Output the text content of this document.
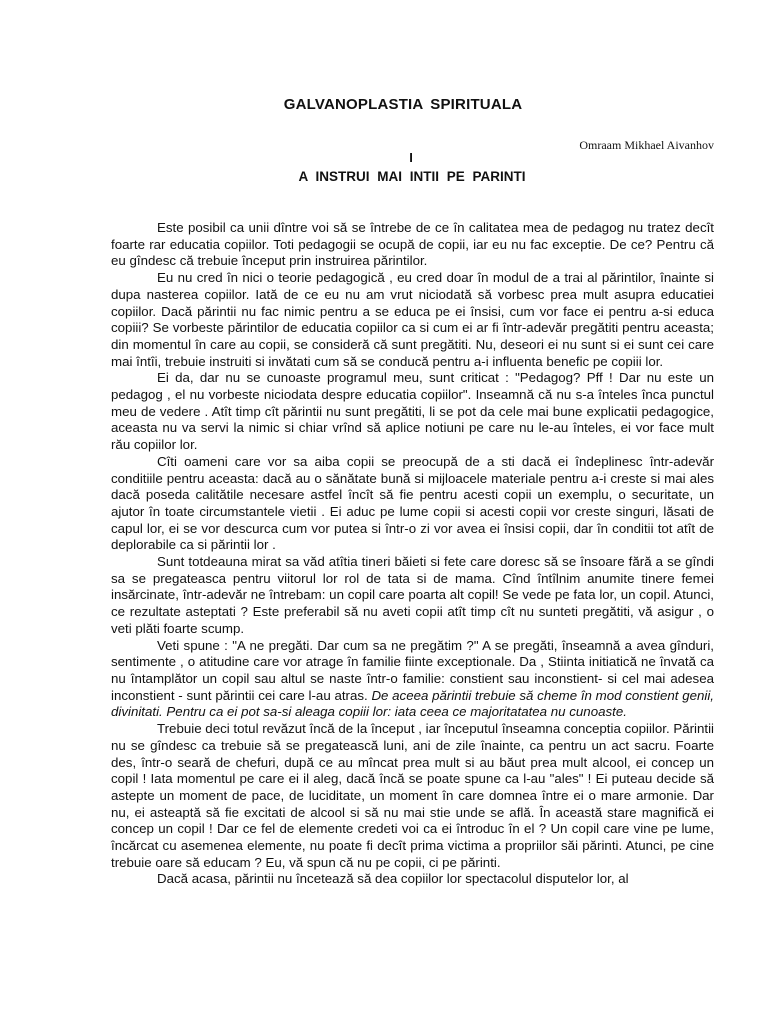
GALVANOPLASTIA SPIRITUALA

Omraam Mikhael Aivanhov

I

A INSTRUI MAI INTII PE PARINTI

Este posibil ca unii dîntre voi să se întrebe de ce în calitatea mea de pedagog nu tratez decît foarte rar educatia copiilor. Toti pedagogii se ocupă de copii, iar eu nu fac exceptie. De ce? Pentru că eu gîndesc că trebuie început prin instruirea părintilor.

Eu nu cred în nici o teorie pedagogică , eu cred doar în modul de a trai al părintilor, înainte si dupa nasterea copiilor. Iată de ce eu nu am vrut niciodată să vorbesc prea mult asupra educatiei copiilor. Dacă părintii nu fac nimic pentru a se educa pe ei însisi, cum vor face ei pentru a-si educa copiii? Se vorbeste părintilor de educatia copiilor ca si cum ei ar fi într-adevăr pregătiti pentru aceasta; din momentul în care au copii, se consideră că sunt pregătiti. Nu, deseori ei nu sunt si ei sunt cei care mai întîi, trebuie instruiti si invătati cum să se conducă pentru a-i influenta benefic pe copiii lor.

Ei da, dar nu se cunoaste programul meu, sunt criticat : "Pedagog? Pff ! Dar nu este un pedagog , el nu vorbeste niciodata despre educatia copiilor". Inseamnă că nu s-a înteles înca punctul meu de vedere . Atît timp cît părintii nu sunt pregătiti, li se pot da cele mai bune explicatii pedagogice, aceasta nu va servi la nimic si chiar vrînd să aplice notiuni pe care nu le-au înteles, ei vor face mult rău copiilor lor.

Cîti oameni care vor sa aiba copii se preocupă de a sti dacă ei îndeplinesc într-adevăr conditiile pentru aceasta: dacă au o sănătate bună si mijloacele materiale pentru a-i creste si mai ales dacă poseda calitătile necesare astfel încît să fie pentru acesti copii un exemplu, o securitate, un ajutor în toate circumstantele vietii . Ei aduc pe lume copii si acesti copii vor creste singuri, lăsati de capul lor, ei se vor descurca cum vor putea si într-o zi vor avea ei însisi copii, dar în conditii tot atît de deplorabile ca si părintii lor .

Sunt totdeauna mirat sa văd atîtia tineri băieti si fete care doresc să se însoare fără a se gîndi sa se pregateasca pentru viitorul lor rol de tata si de mama. Cînd întîlnim anumite tinere femei insărcinate, într-adevăr ne întrebam: un copil care poarta alt copil! Se vede pe fata lor, un copil. Atunci, ce rezultate asteptati ? Este preferabil să nu aveti copii atît timp cît nu sunteti pregătiti, vă asigur , o veti plăti foarte scump.

Veti spune : "A ne pregăti. Dar cum sa ne pregătim ?" A se pregăti, înseamnă a avea gînduri, sentimente , o atitudine care vor atrage în familie fiinte exceptionale. Da , Stiinta initiatică ne învată ca nu întamplător un copil sau altul se naste într-o familie: constient sau inconstient- si cel mai adesea inconstient - sunt părintii cei care l-au atras. De aceea părintii trebuie să cheme în mod constient genii, divinitati. Pentru ca ei pot sa-si aleaga copiii lor: iata ceea ce majoritatatea nu cunoaste.

Trebuie deci totul revăzut încă de la început , iar începutul înseamna conceptia copiilor. Părintii nu se gîndesc ca trebuie să se pregatească luni, ani de zile înainte, ca pentru un act sacru. Foarte des, într-o seară de chefuri, după ce au mîncat prea mult si au băut prea mult alcool, ei concep un copil ! Iata momentul pe care ei il aleg, dacă încă se poate spune ca l-au "ales" ! Ei puteau decide să astepte un moment de pace, de luciditate, un moment în care domnea între ei o mare armonie. Dar nu, ei asteaptă să fie excitati de alcool si să nu mai stie unde se află. În această stare magnifică ei concep un copil ! Dar ce fel de elemente credeti voi ca ei întroduc în el ? Un copil care vine pe lume, încărcat cu asemenea elemente, nu poate fi decît prima victima a propriilor săi părinti. Atunci, pe cine trebuie oare să educam ? Eu, vă spun că nu pe copii, ci pe părinti.

Dacă acasa, părintii nu încetează să dea copiilor lor spectacolul disputelor lor, al
